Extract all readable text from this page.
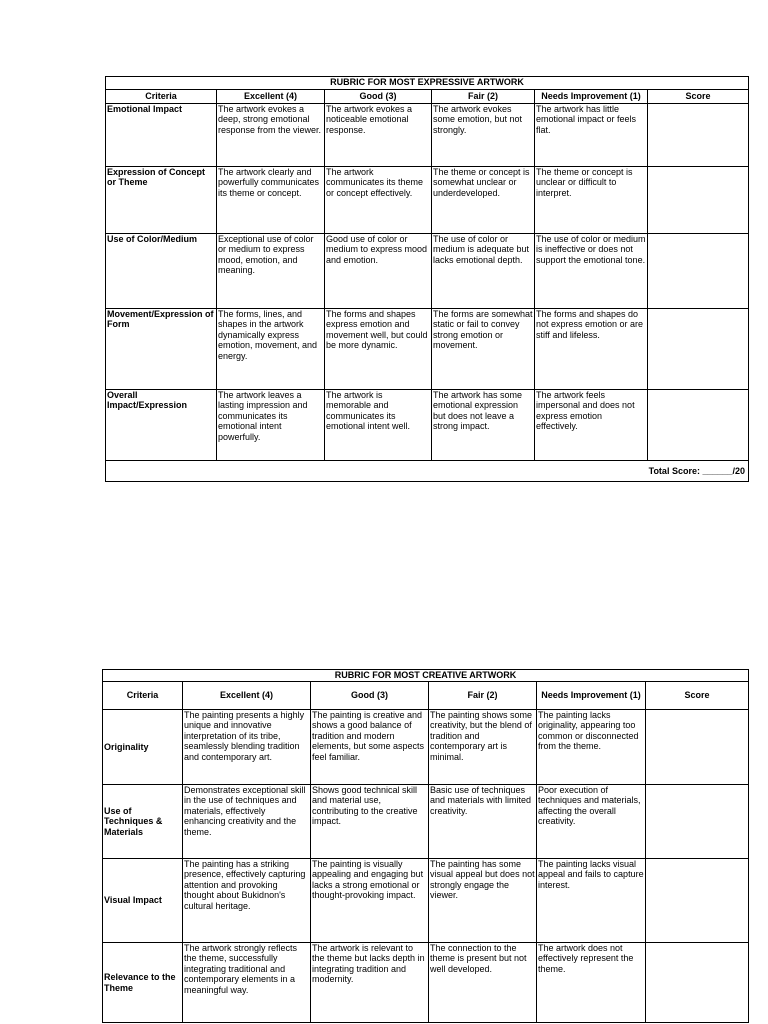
RUBRIC FOR MOST EXPRESSIVE ARTWORK					
Criteria	Excellent (4)	Good (3)	Fair (2)	Needs Improvement (1)	Score
Emotional Impact	The artwork evokes a deep, strong emotional response from the viewer.	The artwork evokes a noticeable emotional response.	The artwork evokes some emotion, but not strongly.	The artwork has little emotional impact or feels flat.	
Expression of Concept or Theme	The artwork clearly and powerfully communicates its theme or concept.	The artwork communicates its theme or concept effectively.	The theme or concept is somewhat unclear or underdeveloped.	The theme or concept is unclear or difficult to interpret.	
Use of Color/Medium	Exceptional use of color or medium to express mood, emotion, and meaning.	Good use of color or medium to express mood and emotion.	The use of color or medium is adequate but lacks emotional depth.	The use of color or medium is ineffective or does not support the emotional tone.	
Movement/Expression of Form	The forms, lines, and shapes in the artwork dynamically express emotion, movement, and energy.	The forms and shapes express emotion and movement well, but could be more dynamic.	The forms are somewhat static or fail to convey strong emotion or movement.	The forms and shapes do not express emotion or are stiff and lifeless.	
Overall Impact/Expression	The artwork leaves a lasting impression and communicates its emotional intent powerfully.	The artwork is memorable and communicates its emotional intent well.	The artwork has some emotional expression but does not leave a strong impact.	The artwork feels impersonal and does not express emotion effectively.	
Total Score: ______/20					
RUBRIC FOR MOST CREATIVE ARTWORK					
Criteria	Excellent (4)	Good (3)	Fair (2)	Needs Improvement (1)	Score
Originality	The painting presents a highly unique and innovative interpretation of its tribe, seamlessly blending tradition and contemporary art.	The painting is creative and shows a good balance of tradition and modern elements, but some aspects feel familiar.	The painting shows some creativity, but the blend of tradition and contemporary art is minimal.	The painting lacks originality, appearing too common or disconnected from the theme.	
Use of Techniques & Materials	Demonstrates exceptional skill in the use of techniques and materials, effectively enhancing creativity and the theme.	Shows good technical skill and material use, contributing to the creative impact.	Basic use of techniques and materials with limited creativity.	Poor execution of techniques and materials, affecting the overall creativity.	
Visual Impact	The painting has a striking presence, effectively capturing attention and provoking thought about Bukidnon's cultural heritage.	The painting is visually appealing and engaging but lacks a strong emotional or thought-provoking impact.	The painting has some visual appeal but does not strongly engage the viewer.	The painting lacks visual appeal and fails to capture interest.	
Relevance to the Theme	The artwork strongly reflects the theme, successfully integrating traditional and contemporary elements in a meaningful way.	The artwork is relevant to the theme but lacks depth in integrating tradition and modernity.	The connection to the theme is present but not well developed.	The artwork does not effectively represent the theme.	
